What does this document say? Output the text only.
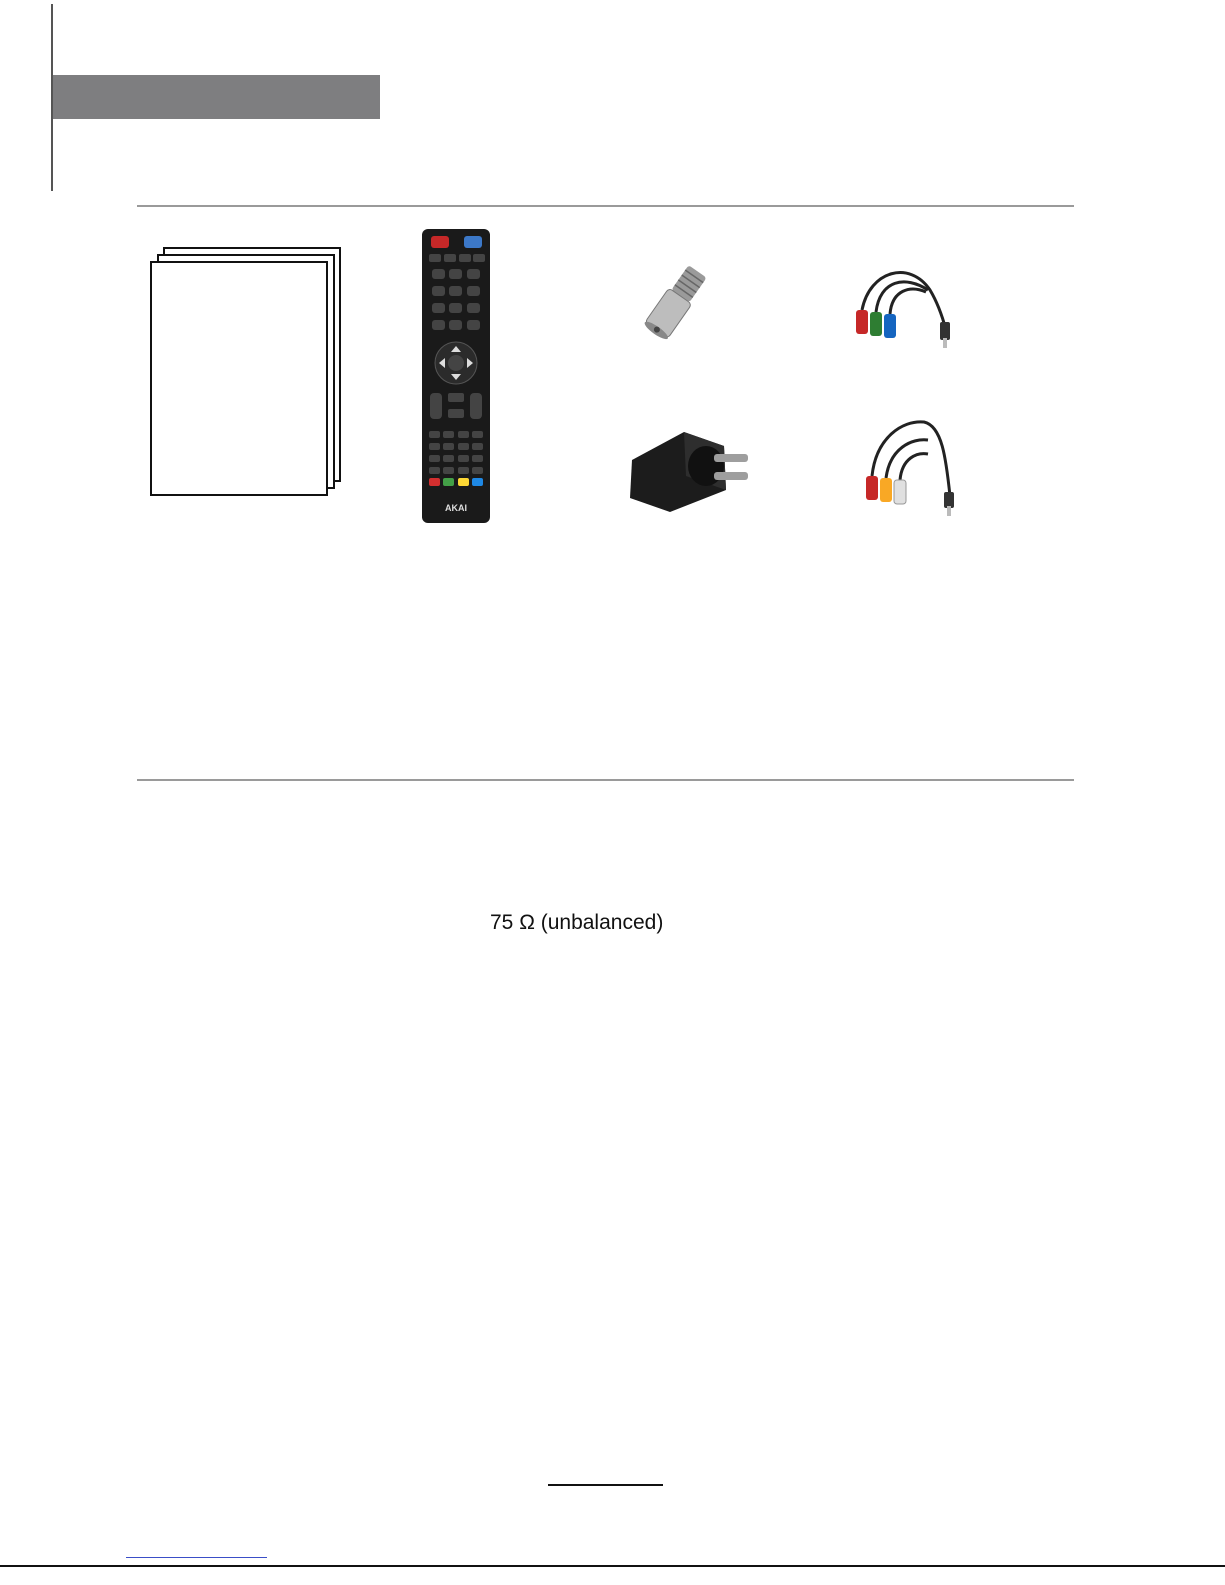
AKAI
75 Ω (unbalanced)
